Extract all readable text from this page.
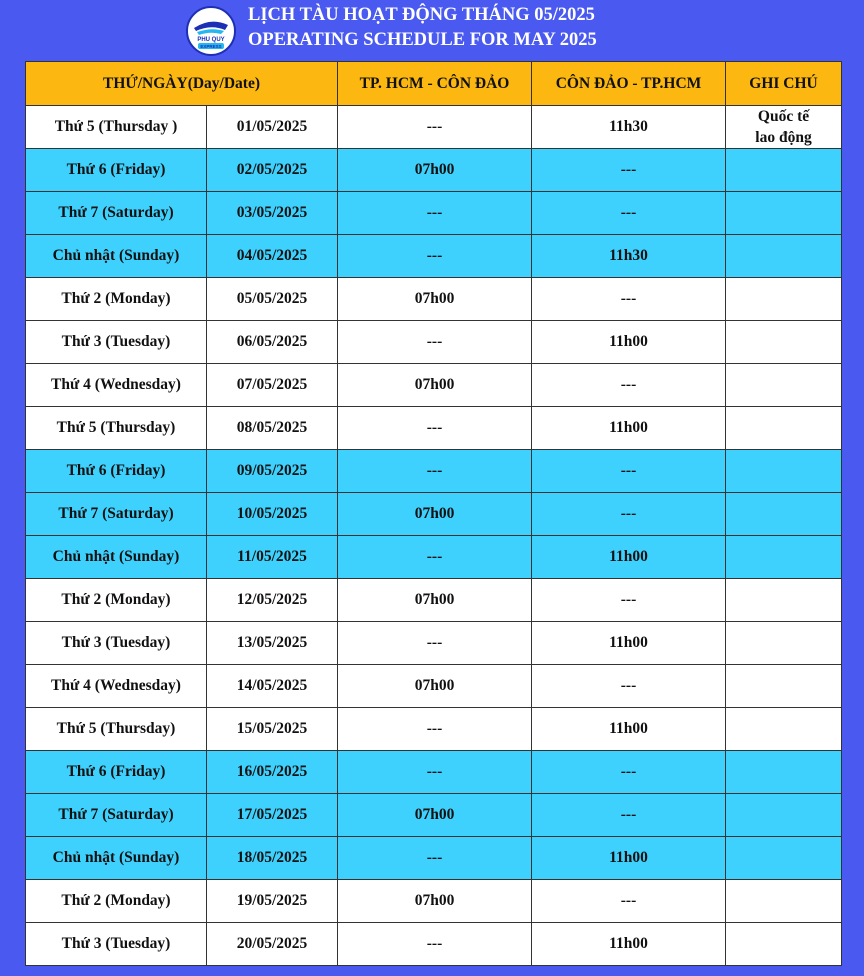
PHU QUY
EXPRESS
LỊCH TÀU HOẠT ĐỘNG THÁNG 05/2025
OPERATING SCHEDULE FOR MAY 2025
THỨ/NGÀY(Day/Date)		TP. HCM - CÔN ĐẢO	CÔN ĐẢO - TP.HCM	GHI CHÚ
Thứ 5 (Thursday )	01/05/2025	---	11h30	Quốc tế
lao động

Thứ 6 (Friday)	02/05/2025	07h00	---	

Thứ 7 (Saturday)	03/05/2025	---	---	

Chủ nhật (Sunday)	04/05/2025	---	11h30	

Thứ 2 (Monday)	05/05/2025	07h00	---	

Thứ 3 (Tuesday)	06/05/2025	---	11h00	

Thứ 4 (Wednesday)	07/05/2025	07h00	---	

Thứ 5 (Thursday)	08/05/2025	---	11h00	

Thứ 6 (Friday)	09/05/2025	---	---	

Thứ 7 (Saturday)	10/05/2025	07h00	---	

Chủ nhật (Sunday)	11/05/2025	---	11h00	

Thứ 2 (Monday)	12/05/2025	07h00	---	

Thứ 3 (Tuesday)	13/05/2025	---	11h00	

Thứ 4 (Wednesday)	14/05/2025	07h00	---	

Thứ 5 (Thursday)	15/05/2025	---	11h00	

Thứ 6 (Friday)	16/05/2025	---	---	

Thứ 7 (Saturday)	17/05/2025	07h00	---	

Chủ nhật (Sunday)	18/05/2025	---	11h00	

Thứ 2 (Monday)	19/05/2025	07h00	---	

Thứ 3 (Tuesday)	20/05/2025	---	11h00	
